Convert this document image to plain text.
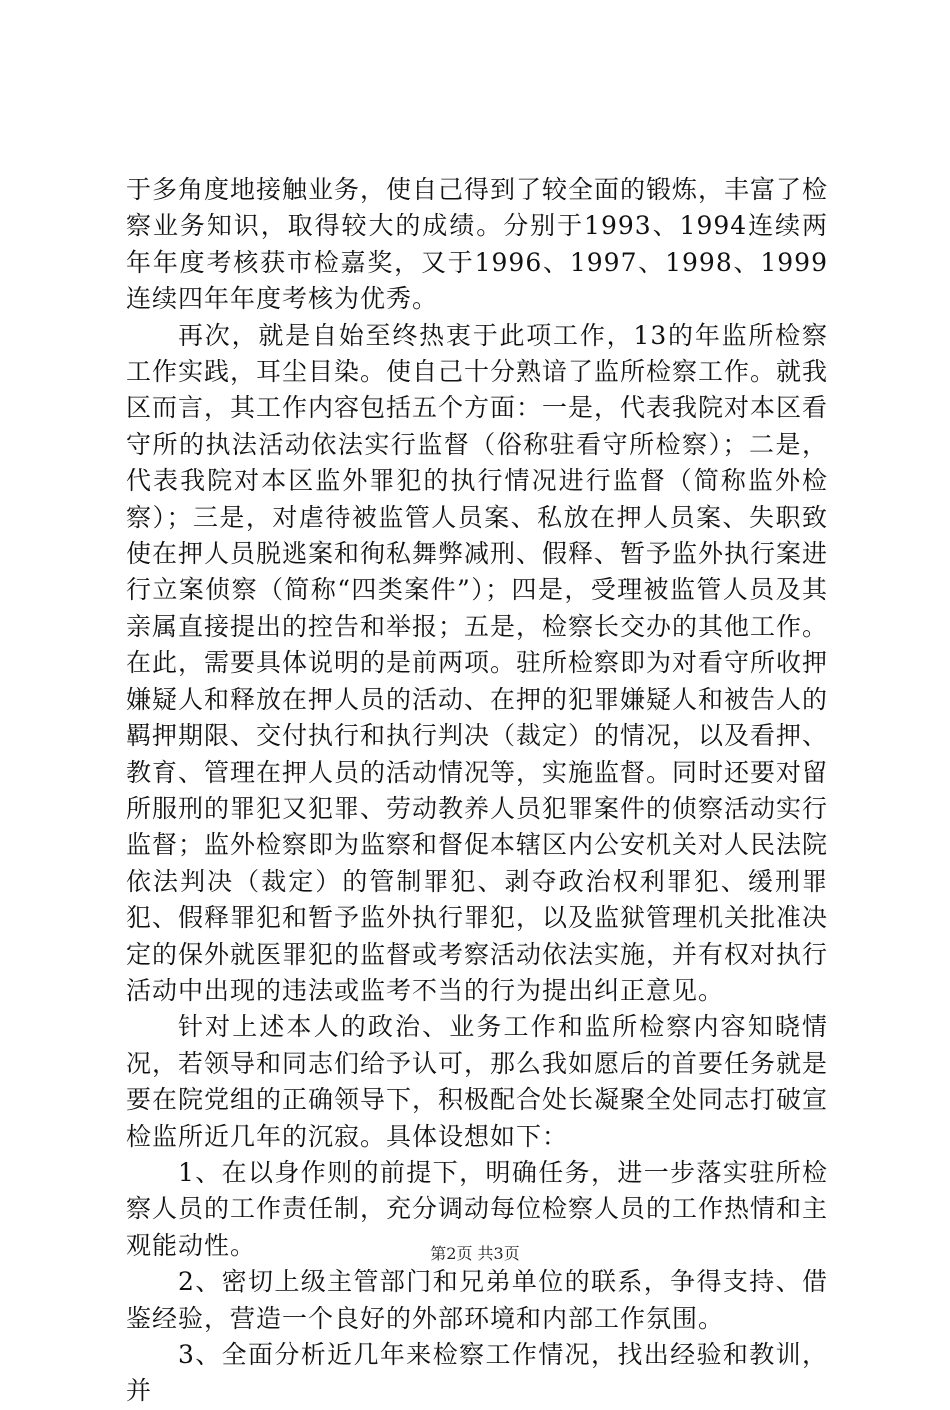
于多角度地接触业务，使自己得到了较全面的锻炼，丰富了检察业务知识，取得较大的成绩。分别于1993、1994连续两年年度考核获市检嘉奖，又于1996、1997、1998、1999连续四年年度考核为优秀。

再次，就是自始至终热衷于此项工作，13的年监所检察工作实践，耳尘目染。使自己十分熟谙了监所检察工作。就我区而言，其工作内容包括五个方面：一是，代表我院对本区看守所的执法活动依法实行监督（俗称驻看守所检察）；二是，代表我院对本区监外罪犯的执行情况进行监督（简称监外检察）；三是，对虐待被监管人员案、私放在押人员案、失职致使在押人员脱逃案和徇私舞弊减刑、假释、暂予监外执行案进行立案侦察（简称“四类案件”）；四是，受理被监管人员及其亲属直接提出的控告和举报；五是，检察长交办的其他工作。在此，需要具体说明的是前两项。驻所检察即为对看守所收押嫌疑人和释放在押人员的活动、在押的犯罪嫌疑人和被告人的羁押期限、交付执行和执行判决（裁定）的情况，以及看押、教育、管理在押人员的活动情况等，实施监督。同时还要对留所服刑的罪犯又犯罪、劳动教养人员犯罪案件的侦察活动实行监督；监外检察即为监察和督促本辖区内公安机关对人民法院依法判决（裁定）的管制罪犯、剥夺政治权利罪犯、缓刑罪犯、假释罪犯和暂予监外执行罪犯，以及监狱管理机关批准决定的保外就医罪犯的监督或考察活动依法实施，并有权对执行活动中出现的违法或监考不当的行为提出纠正意见。

针对上述本人的政治、业务工作和监所检察内容知晓情况，若领导和同志们给予认可，那么我如愿后的首要任务就是要在院党组的正确领导下，积极配合处长凝聚全处同志打破宣检监所近几年的沉寂。具体设想如下：

1、在以身作则的前提下，明确任务，进一步落实驻所检察人员的工作责任制，充分调动每位检察人员的工作热情和主观能动性。

2、密切上级主管部门和兄弟单位的联系，争得支持、借鉴经验，营造一个良好的外部环境和内部工作氛围。

3、全面分析近几年来检察工作情况，找出经验和教训，并

第2页 共3页
